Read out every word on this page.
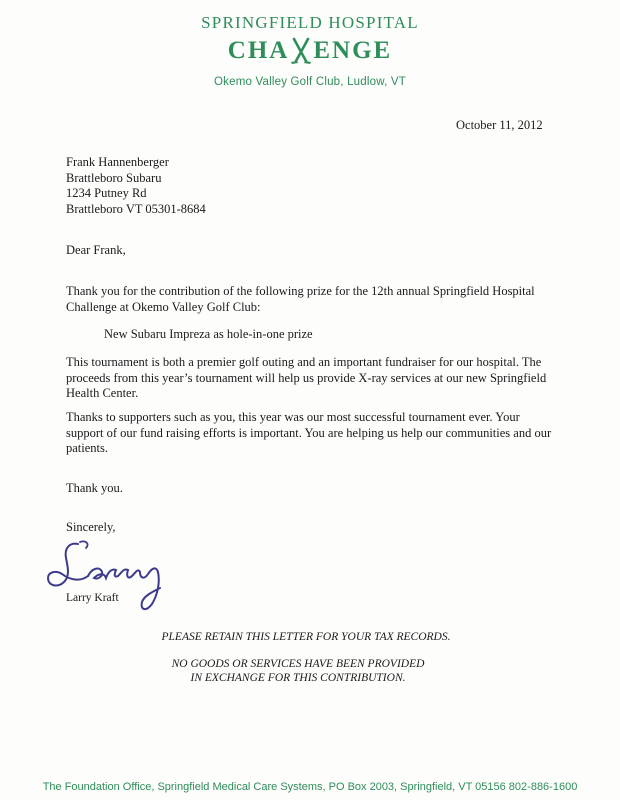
SPRINGFIELD HOSPITAL
CHA ENGE
Okemo Valley Golf Club, Ludlow, VT
October 11, 2012
Frank Hannenberger
Brattleboro Subaru
1234 Putney Rd
Brattleboro VT 05301-8684
Dear Frank,
Thank you for the contribution of the following prize for the 12th annual Springfield Hospital Challenge at Okemo Valley Golf Club:
New Subaru Impreza as hole-in-one prize
This tournament is both a premier golf outing and an important fundraiser for our hospital. The proceeds from this year’s tournament will help us provide X-ray services at our new Springfield Health Center.
Thanks to supporters such as you, this year was our most successful tournament ever. Your support of our fund raising efforts is important. You are helping us help our communities and our patients.
Thank you.
Sincerely,
Larry Kraft
PLEASE RETAIN THIS LETTER FOR YOUR TAX RECORDS.
NO GOODS OR SERVICES HAVE BEEN PROVIDED
IN EXCHANGE FOR THIS CONTRIBUTION.
The Foundation Office, Springfield Medical Care Systems, PO Box 2003, Springfield, VT 05156 802-886-1600
